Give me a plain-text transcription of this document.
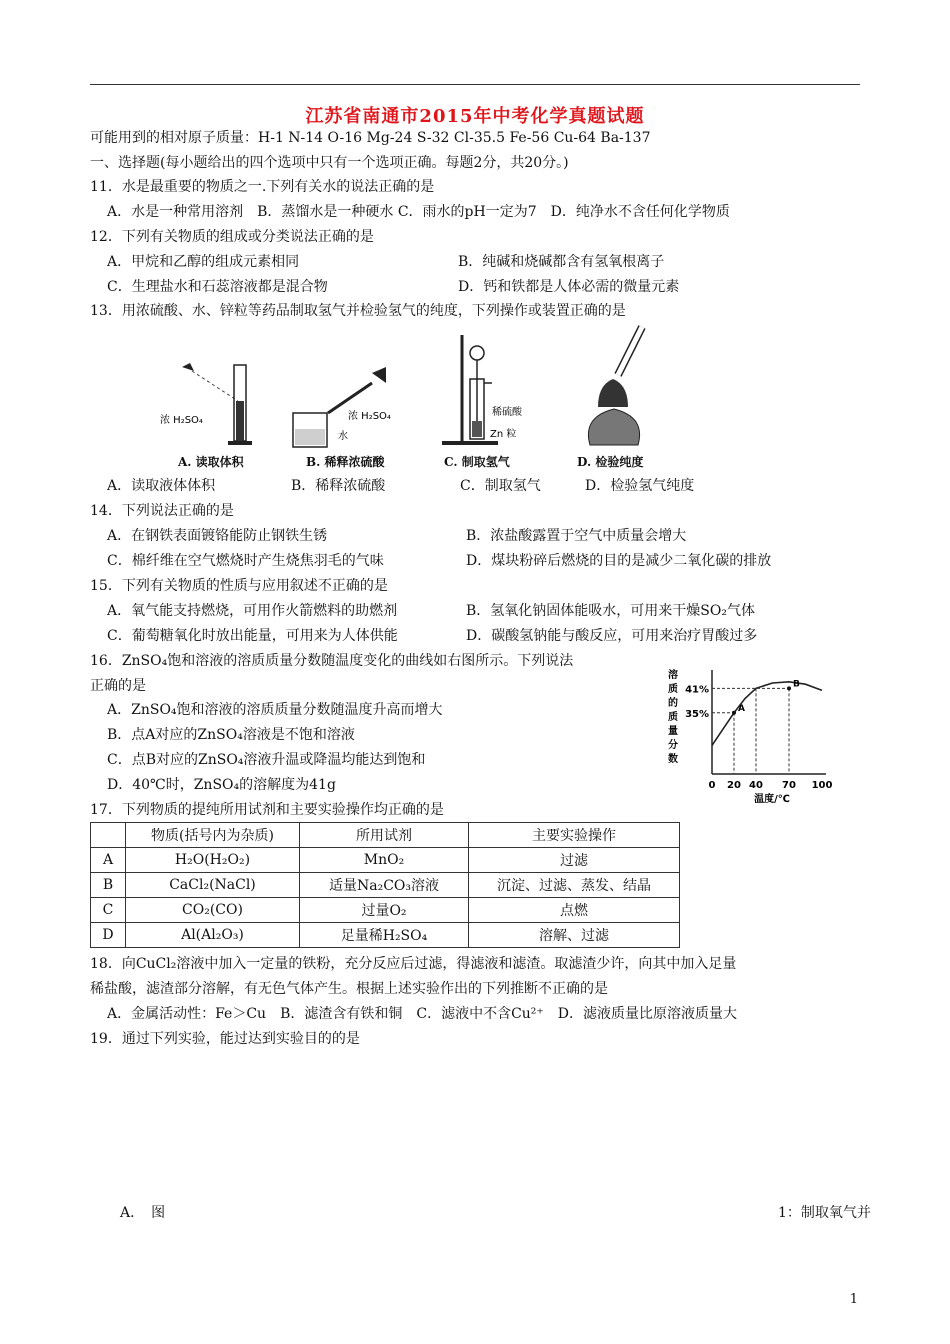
江苏省南通市2015年中考化学真题试题
可能用到的相对原子质量：H-1 N-14 O-16 Mg-24 S-32 Cl-35.5 Fe-56 Cu-64 Ba-137
一、选择题(每小题给出的四个选项中只有一个选项正确。每题2分，共20分。)
11．水是最重要的物质之一.下列有关水的说法正确的是
A．水是一种常用溶剂　B．蒸馏水是一种硬水 C．雨水的pH一定为7　D．纯净水不含任何化学物质
12．下列有关物质的组成或分类说法正确的是
A．甲烷和乙醇的组成元素相同	B．纯碱和烧碱都含有氢氧根离子
C．生理盐水和石蕊溶液都是混合物	D．钙和铁都是人体必需的微量元素
13．用浓硫酸、水、锌粒等药品制取氢气并检验氢气的纯度，下列操作或装置正确的是
浓 H₂SO₄	浓 H₂SO₄
水
稀硫酸
Zn 粒
A. 读取体积	B. 稀释浓硫酸	C. 制取氢气	D. 检验纯度
A．读取液体体积	B．稀释浓硫酸	C．制取氢气	D．检验氢气纯度
14．下列说法正确的是
A．在钢铁表面镀铬能防止钢铁生锈	B．浓盐酸露置于空气中质量会增大
C．棉纤维在空气燃烧时产生烧焦羽毛的气味	D．煤块粉碎后燃烧的目的是减少二氧化碳的排放
15．下列有关物质的性质与应用叙述不正确的是
A．氧气能支持燃烧，可用作火箭燃料的助燃剂	B．氢氧化钠固体能吸水，可用来干燥SO₂气体
C．葡萄糖氧化时放出能量，可用来为人体供能	D．碳酸氢钠能与酸反应，可用来治疗胃酸过多
16．ZnSO₄饱和溶液的溶质质量分数随温度变化的曲线如右图所示。下列说法
正确的是
A．ZnSO₄饱和溶液的溶质质量分数随温度升高而增大
B．点A对应的ZnSO₄溶液是不饱和溶液
C．点B对应的ZnSO₄溶液升温或降温均能达到饱和
D．40℃时，ZnSO₄的溶解度为41g
溶
质
的
质
量
分
数
35%
41%
0 20 40 70 100
A
B
温度/℃
17．下列物质的提纯所用试剂和主要实验操作均正确的是
	物质(括号内为杂质)	所用试剂	主要实验操作
A	H₂O(H₂O₂)	MnO₂	过滤
B	CaCl₂(NaCl)	适量Na₂CO₃溶液	沉淀、过滤、蒸发、结晶
C	CO₂(CO)	过量O₂	点燃
D	Al(Al₂O₃)	足量稀H₂SO₄	溶解、过滤
18．向CuCl₂溶液中加入一定量的铁粉，充分反应后过滤，得滤液和滤渣。取滤渣少许，向其中加入足量
稀盐酸，滤渣部分溶解，有无色气体产生。根据上述实验作出的下列推断不正确的是
A．金属活动性：Fe＞Cu　B．滤渣含有铁和铜　C．滤液中不含Cu²⁺　D．滤液质量比原溶液质量大
19．通过下列实验，能过达到实验目的的是
A．　图	1：制取氧气并
1
